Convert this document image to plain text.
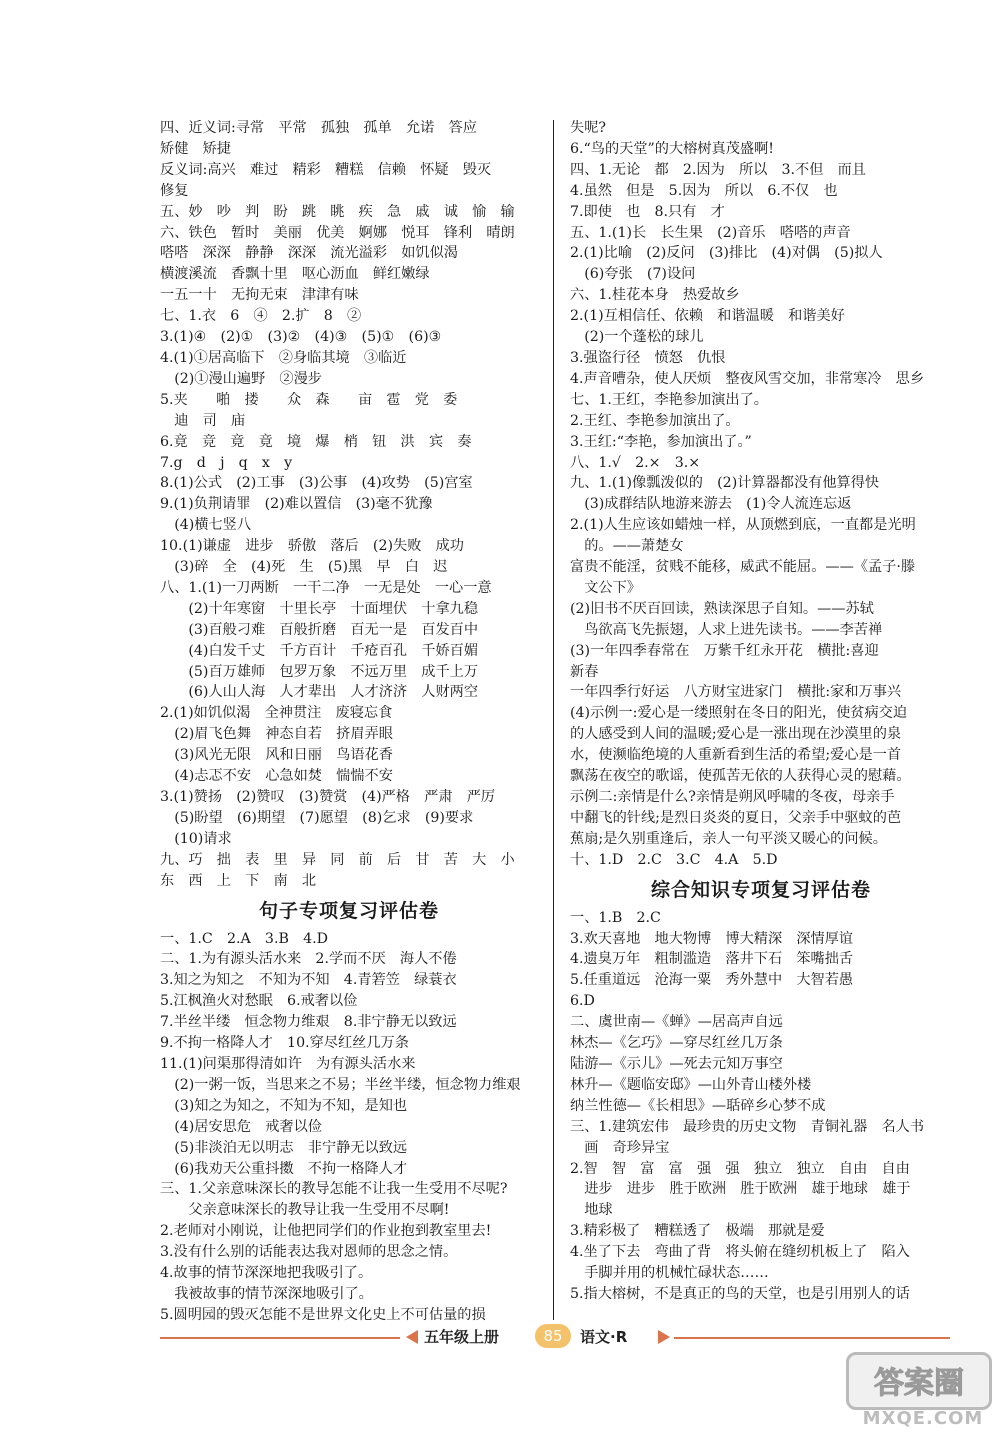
四、近义词:寻常　平常　孤独　孤单　允诺　答应
矫健　矫捷
反义词:高兴　难过　精彩　糟糕　信赖　怀疑　毁灭
修复
五、妙　吵　判　盼　跳　眺　疾　急　戚　诚　愉　输
六、铁色　暂时　美丽　优美　婀娜　悦耳　锋利　晴朗
嗒嗒　深深　静静　深深　流光溢彩　如饥似渴
横渡溪流　香飘十里　呕心沥血　鲜红嫩绿
一五一十　无拘无束　津津有味
七、1.衣　6　④　2.扩　8　②
3.(1)④　(2)①　(3)②　(4)③　(5)①　(6)③
4.(1)①居高临下　②身临其境　③临近
　(2)①漫山遍野　②漫步
5.夹　　啪　搂　　众　森　　亩　雹　党　委
　迪　司　庙
6.竟　竞　竟　竟　境　爆　梢　钮　洪　宾　奏
7.g　d　j　q　x　y
8.(1)公式　(2)工事　(3)公事　(4)攻势　(5)宫室
9.(1)负荆请罪　(2)难以置信　(3)毫不犹豫
　(4)横七竖八
10.(1)谦虚　进步　骄傲　落后　(2)失败　成功
　(3)碎　全　(4)死　生　(5)黑　早　白　迟
八、1.(1)一刀两断　一干二净　一无是处　一心一意
　　(2)十年寒窗　十里长亭　十面埋伏　十拿九稳
　　(3)百般刁难　百般折磨　百无一是　百发百中
　　(4)白发千丈　千方百计　千疮百孔　千娇百媚
　　(5)百万雄师　包罗万象　不远万里　成千上万
　　(6)人山人海　人才辈出　人才济济　人财两空
2.(1)如饥似渴　全神贯注　废寝忘食
　(2)眉飞色舞　神态自若　挤眉弄眼
　(3)风光无限　风和日丽　鸟语花香
　(4)忐忑不安　心急如焚　惴惴不安
3.(1)赞扬　(2)赞叹　(3)赞赏　(4)严格　严肃　严厉
　(5)盼望　(6)期望　(7)愿望　(8)乞求　(9)要求
　(10)请求
九、巧　拙　表　里　异　同　前　后　甘　苦　大　小
东　西　上　下　南　北
句子专项复习评估卷
一、1.C　2.A　3.B　4.D
二、1.为有源头活水来　2.学而不厌　海人不倦
3.知之为知之　不知为不知　4.青箬笠　绿蓑衣
5.江枫渔火对愁眠　6.戒奢以俭
7.半丝半缕　恒念物力维艰　8.非宁静无以致远
9.不拘一格降人才　10.穿尽红丝几万条
11.(1)问渠那得清如许　为有源头活水来
　(2)一粥一饭，当思来之不易；半丝半缕，恒念物力维艰
　(3)知之为知之，不知为不知，是知也
　(4)居安思危　戒奢以俭
　(5)非淡泊无以明志　非宁静无以致远
　(6)我劝天公重抖擞　不拘一格降人才
三、1.父亲意味深长的教导怎能不让我一生受用不尽呢?
　　父亲意味深长的教导让我一生受用不尽啊!
2.老师对小刚说，让他把同学们的作业抱到教室里去!
3.没有什么别的话能表达我对恩师的思念之情。
4.故事的情节深深地把我吸引了。
　我被故事的情节深深地吸引了。
5.圆明园的毁灭怎能不是世界文化史上不可估量的损
失呢?
6.“鸟的天堂”的大榕树真茂盛啊!
四、1.无论　都　2.因为　所以　3.不但　而且
4.虽然　但是　5.因为　所以　6.不仅　也
7.即使　也　8.只有　才
五、1.(1)长　长生果　(2)音乐　嗒嗒的声音
2.(1)比喻　(2)反问　(3)排比　(4)对偶　(5)拟人
　(6)夸张　(7)设问
六、1.桂花本身　热爱故乡
2.(1)互相信任、依赖　和谐温暖　和谐美好
　(2)一个蓬松的球儿
3.强盗行径　愤怒　仇恨
4.声音嘈杂，使人厌烦　整夜风雪交加，非常寒冷　思乡
七、1.王红，李艳参加演出了。
2.王红、李艳参加演出了。
3.王红:“李艳，参加演出了。”
八、1.√　2.×　3.×
九、1.(1)像瓢泼似的　(2)计算器都没有他算得快
　(3)成群结队地游来游去　(1)令人流连忘返
2.(1)人生应该如蜡烛一样，从顶燃到底，一直都是光明
　的。——萧楚女
富贵不能淫，贫贱不能移，威武不能屈。——《孟子·滕
　文公下》
(2)旧书不厌百回读，熟读深思子自知。——苏轼
　鸟欲高飞先振翅，人求上进先读书。——李苦禅
(3)一年四季春常在　万紫千红永开花　横批:喜迎
新春
一年四季行好运　八方财宝进家门　横批:家和万事兴
(4)示例一:爱心是一缕照射在冬日的阳光，使贫病交迫
的人感受到人间的温暖;爱心是一涨出现在沙漠里的泉
水，使濒临绝境的人重新看到生活的希望;爱心是一首
飘荡在夜空的歌谣，使孤苦无依的人获得心灵的慰藉。
示例二:亲情是什么?亲情是朔风呼啸的冬夜，母亲手
中翻飞的针线;是烈日炎炎的夏日，父亲手中驱蚊的芭
蕉扇;是久别重逢后，亲人一句平淡又暖心的问候。
十、1.D　2.C　3.C　4.A　5.D
综合知识专项复习评估卷
一、1.B　2.C
3.欢天喜地　地大物博　博大精深　深情厚谊
4.遗臭万年　粗制滥造　落井下石　笨嘴拙舌
5.任重道远　沧海一粟　秀外慧中　大智若愚
6.D
二、虞世南—《蝉》—居高声自远
林杰—《乞巧》—穿尽红丝几万条
陆游—《示儿》—死去元知万事空
林升—《题临安邸》—山外青山楼外楼
纳兰性德—《长相思》—聒碎乡心梦不成
三、1.建筑宏伟　最珍贵的历史文物　青铜礼器　名人书
　画　奇珍异宝
2.智　智　富　富　强　强　独立　独立　自由　自由
　进步　进步　胜于欧洲　胜于欧洲　雄于地球　雄于
　地球
3.精彩极了　糟糕透了　极端　那就是爱
4.坐了下去　弯曲了背　将头俯在缝纫机板上了　陷入
　手脚并用的机械忙碌状态……
5.指大榕树，不是真正的鸟的天堂，也是引用别人的话
五年级上册	85	语文·R
答案圈
MXQE.COM
